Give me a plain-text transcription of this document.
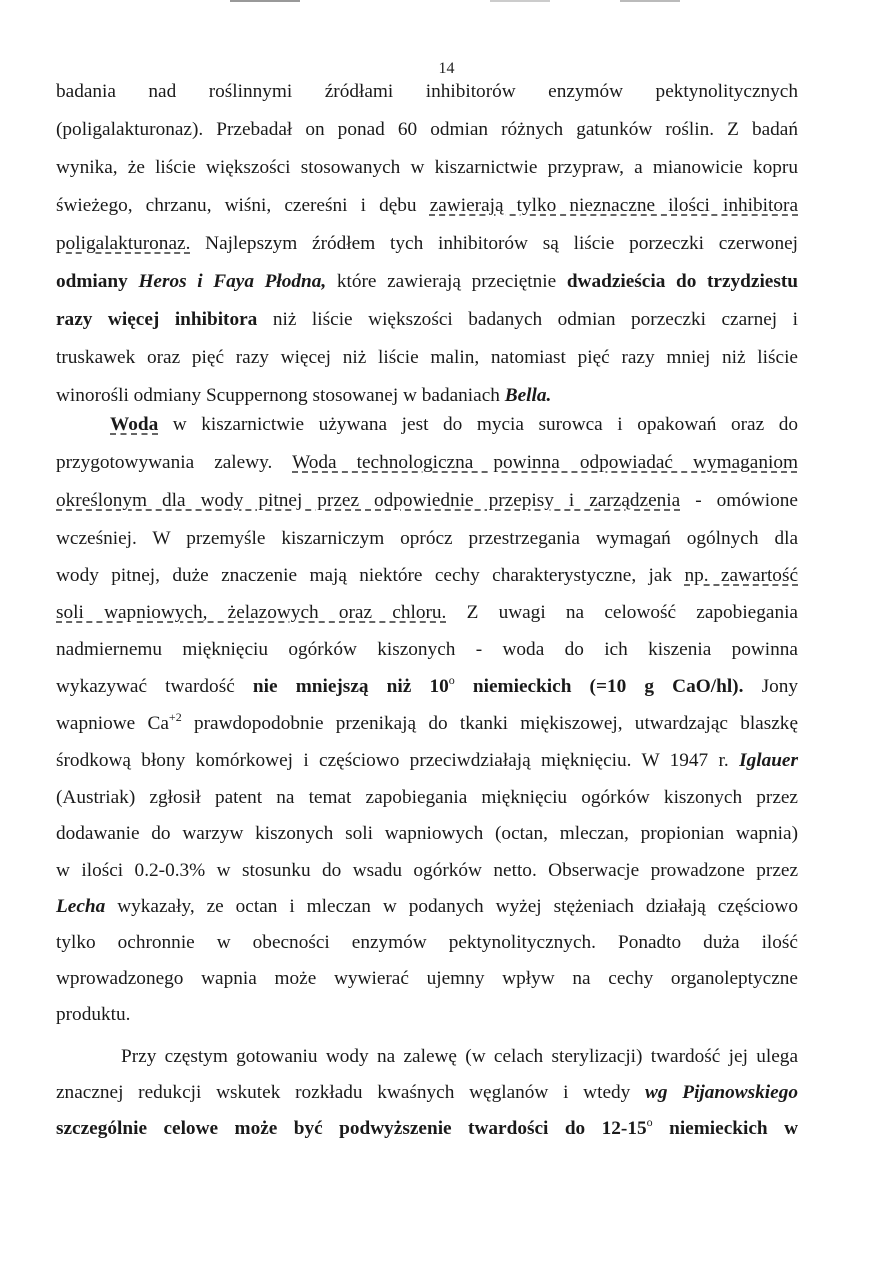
14
badania nad roślinnymi źródłami inhibitorów enzymów pektynolitycznych
(poligalakturonaz). Przebadał on ponad 60 odmian różnych gatunków roślin. Z badań
wynika, że liście większości stosowanych w kiszarnictwie przypraw, a mianowicie kopru
świeżego, chrzanu, wiśni, czereśni i dębu zawierają tylko nieznaczne ilości inhibitora
poligalakturonaz. Najlepszym źródłem tych inhibitorów są liście porzeczki czerwonej
odmiany Heros i Faya Płodna, które zawierają przeciętnie dwadzieścia do trzydziestu
razy więcej inhibitora niż liście większości badanych odmian porzeczki czarnej i
truskawek oraz pięć razy więcej niż liście malin, natomiast pięć razy mniej niż liście
winorośli odmiany Scuppernong stosowanej w badaniach Bella.
Woda w kiszarnictwie używana jest do mycia surowca i opakowań oraz do
przygotowywania zalewy. Woda technologiczna powinna odpowiadać wymaganiom
określonym dla wody pitnej przez odpowiednie przepisy i zarządzenia - omówione
wcześniej. W przemyśle kiszarniczym oprócz przestrzegania wymagań ogólnych dla
wody pitnej, duże znaczenie mają niektóre cechy charakterystyczne, jak np. zawartość
soli wapniowych, żelazowych oraz chloru. Z uwagi na celowość zapobiegania
nadmiernemu mięknięciu ogórków kiszonych - woda do ich kiszenia powinna
wykazywać twardość nie mniejszą niż 10$^o$ niemieckich (=10 g CaO/hl). Jony
wapniowe $Ca^{+2}$ prawdopodobnie przenikają do tkanki miękiszowej, utwardzając blaszkę
środkową błony komórkowej i częściowo przeciwdziałają mięknięciu. W 1947 r. Iglauer
(Austriak) zgłosił patent na temat zapobiegania mięknięciu ogórków kiszonych przez
dodawanie do warzyw kiszonych soli wapniowych (octan, mleczan, propionian wapnia)
w ilości 0.2-0.3% w stosunku do wsadu ogórków netto. Obserwacje prowadzone przez
Lecha wykazały, ze octan i mleczan w podanych wyżej stężeniach działają częściowo
tylko ochronnie w obecności enzymów pektynolitycznych. Ponadto duża ilość
wprowadzonego wapnia może wywierać ujemny wpływ na cechy organoleptyczne
produktu.
Przy częstym gotowaniu wody na zalewę (w celach sterylizacji) twardość jej ulega
znacznej redukcji wskutek rozkładu kwaśnych węglanów i wtedy wg Pijanowskiego
szczególnie celowe może być podwyższenie twardości do 12-15$^o$ niemieckich w
